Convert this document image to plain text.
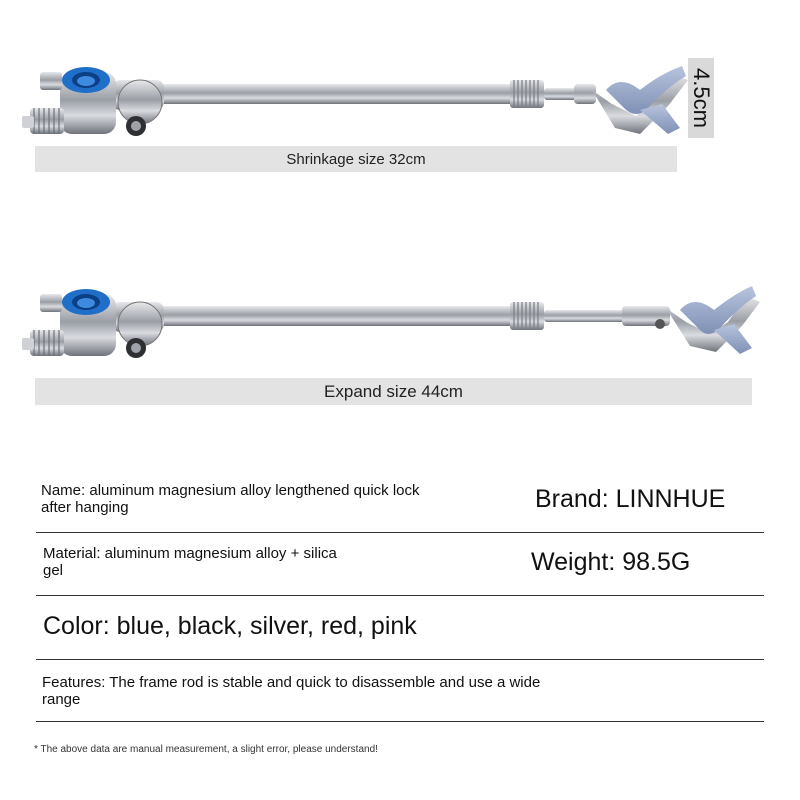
4.5cm
Shrinkage size 32cm
Expand size 44cm
Name: aluminum magnesium alloy lengthened quick lock after hanging	Brand: LINNHUE
Material: aluminum magnesium alloy + silica gel	Weight: 98.5G
Color: blue, black, silver, red, pink
Features: The frame rod is stable and quick to disassemble and use a wide range
* The above data are manual measurement, a slight error, please understand!
